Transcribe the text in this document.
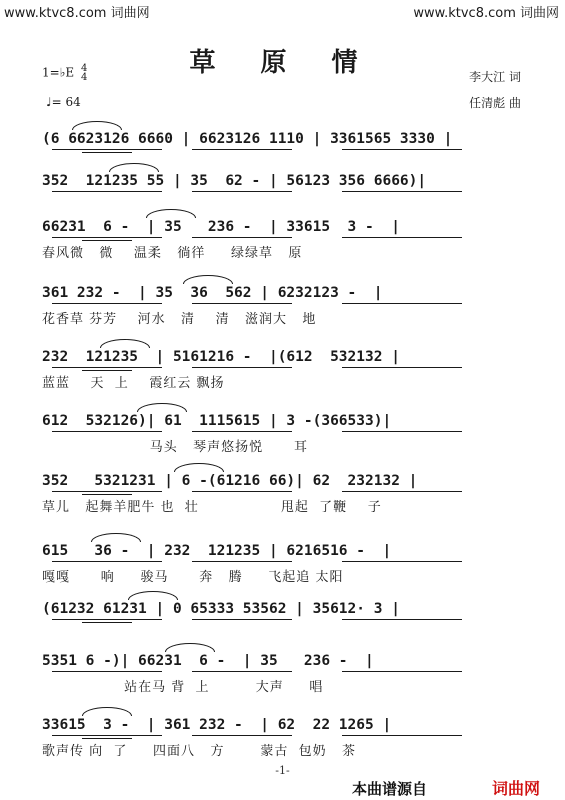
www.ktvc8.com 词曲网	www.ktvc8.com 词曲网
草 原 情
1=♭E 4
4
♩= 64
李大江 词
任清彪 曲
(6 6623126 6660 | 6623126 1110 | 3361565 3330 |
352  121235 55 | 35  62 - | 56123 356 6666)|
66231  6 -  | 35   236 -  | 33615  3 -  |
春风微   微    温柔   徜徉     绿绿草   原
361 232 -  | 35  36  562 | 6232123 -  |
花香草 芬芳    河水   清    清   滋润大   地
232  121235  | 5161216 -  |(612  532132 |
蓝蓝    天  上    霞红云 飘扬
612  532126)| 61  1115615 | 3 -(366533)|
马头   琴声悠扬悦      耳
352   5321231 | 6 -(61216 66)| 62  232132 |
草儿   起舞羊肥牛 也  壮                甩起  了鞭    子
615   36 -  | 232  121235 | 6216516 -  |
嘎嘎      响     骏马      奔   腾     飞起追 太阳
(61232 61231 | 0 65333 53562 | 35612· 3 |
5351 6 -)| 66231  6 -  | 35   236 -  |
站在马 背  上         大声     唱
33615  3 -  | 361 232 -  | 62  22 1265 |
歌声传 向  了     四面八   方       蒙古  包奶   茶
-1-
本曲谱源自	词曲网
